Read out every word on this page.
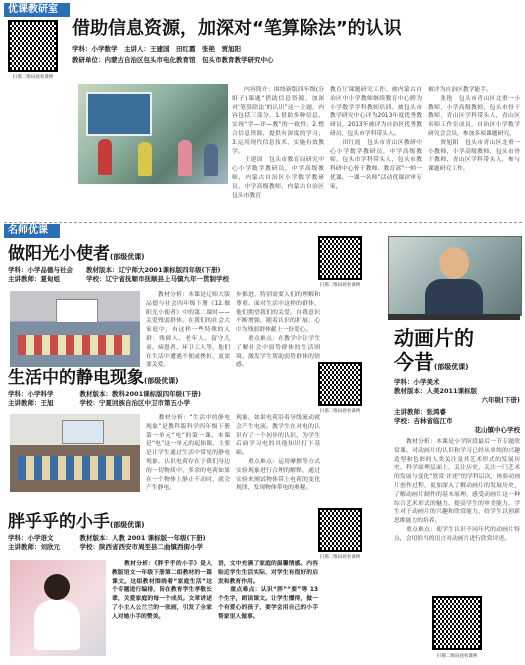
优课教研室
扫描二维码观看课例
借助信息资源，加深对“笔算除法”的认识
学科：小学数学　主讲人：王建国　田红霞　张艳　贾旭阳
教研单位：内蒙古自治区包头市电化教育馆　包头市教育教学研究中心
　　内容简介：围绕新版四年级(分组子)课题“借助信息资源，加深对‘笔算除法’的认识”这一主题，内容包括三部分，1.借助多种信息，实现“学—评—教”的一致性；2.整合信息资源，提供有深度的学习；3.运用现代信息技术，实施有效教学。
　　王建国　包头市教育局研究中心小学数学教研员，中学高级教师，内蒙古自治区小学数学教研员，中学高级教师，内蒙古自治区包头市教育
教育厅课题研究工作。被内蒙古自治区中小学教师继续教育中心聘为小学数学学科教师培训。被包头市教学研究中心评为2013年度优秀教研员，2013年被评为自治区优秀教研员，包头市学科带头人。
　　田红霞　包头市青山区教研中心小学数学教研员，中学高级教师，包头市学科带头人，包头市教科研中心骨干教师。教育部“一师一优课，一课一名师”活动优课评审专家，
被评为自治区教学能手。
　　张艳　包头市青山区北重一小教师，小学高级教师，包头市骨干教师，青山区学科带头人，青山区名师工作室成员，自治区小学数学研究会会员，参加多项课题研究。
　　贾旭阳　包头市青山区北重一小教师，小学高级教师，包头市骨干教师，青山区学科带头人，参与课题研究工作。
名师优课
做阳光小使者(部级优课)
学科：小学品德与社会　　教材版本：辽宁师大2001课标版四年级(下册)
主讲教师：夏甸姐　　　　学校：辽宁省抚顺市抚顺县上马镇九年一贯制学校
扫描二维码观看课例
　　教材分析：本课是辽师大版品德与社会四年级下册《12.做阳光小使者》中的第二课时——关爱残弱群体。在我们的社会大家庭中，有这样一些特殊的人群：残障人、老年人、留守儿童、病患者、环卫工人等，他们在生活中遭遇不便或挫折，更需要关爱。
步推进，特别需要人们的理解和尊重。面对生活中这样的群体，他们期望我们的关爱。自我意识不断增强，随着认识的扩展，心中为残弱群体献上一份爱心。
　　重点难点：在教学中让学生了解社会中弱势群体的生活困境，激发学生帮助弱势群体的情感。
生活中的静电现象(部级优课)
学科：小学科学　　　　教材版本：教科2001课标版四年级(下册)
主讲教师：王旭　　　　学校：宁夏回族自治区中卫市第五小学
扫描二维码观看课例
　　教材分析：“生活中的静电现象”是教科版科学四年级下册第一单元“电”的第一课。本课是“电”这一单元的起始课，主要是让学生通过生活中常见的静电现象，认识电荷存在于我们身边的一切物质中，多余的电荷如果在一个物体上静止不动时，就会产生静电。
现象，如果电荷沿着导线流动就会产生电流。教学生在对电的认识有了一个初步的认识，为学生后面学习电的其他知识打下基础。
　　重点难点：运用摩擦等方式实验现象进行合理的解释，通过实验来测试物体带上电荷的变化规律，发现物体带电的奥秘。
胖乎乎的小手(部级优课)
学科：小学语文　　　　教材版本：人教 2001 课标版一年级(下册)
主讲教师：刘欣元　　　学校：陕西省西安市周至县二曲镇西街小学
扫描二维码观看课例
　　教材分析：《胖乎乎的小手》是人教版语文一年级下册第二组教材的一篇课文。这组教材围绕着“家庭生活”这个专题进行编排，旨在教育学生孝敬长辈，关爱家庭的每一个成员。文章讲述了小主人公兰兰的一张画，引发了全家人对她小手的赞美。
语，文中充满了家庭的温馨情感。内容贴近学生生活实际，对学生有很好的启发和教育作用。
　　重点难点：认识“胖”“要”等 13 个生字，朗读课文。让学生懂得，做一个有爱心的孩子，要学会用自己的小手帮家里人做事。
动画片的
今昔(部级优课)
学科：小学美术
教材版本：人美2011课标版
六年级(下册)
主讲教师：张鸿睿
学校：吉林省临江市
花山镇中心学校
　　教材分析：本课是小学阶段最后一节专题欣赏课，对动画片的认识和学习已经从单纯的兴趣造型和色彩的人类关注及其艺术形式的发展历史、科学原理层面上，关注历史，关注一门艺术的发展与变化“欣赏·评述”的学科层次，体验动画片创作过程，更加深入了解动画片的发展历史，了解动画片制作的基本原理，感受动画片这一种综合艺术形式的魅力，提高学生的审美能力、学生对于动画片的兴趣和欣赏能力，给学生以创新思维能力的培养。
　　重点难点：使学生认识不同年代的动画片特点，会用恰当的语言对动画片进行欣赏评述。
扫描二维码观看课例
